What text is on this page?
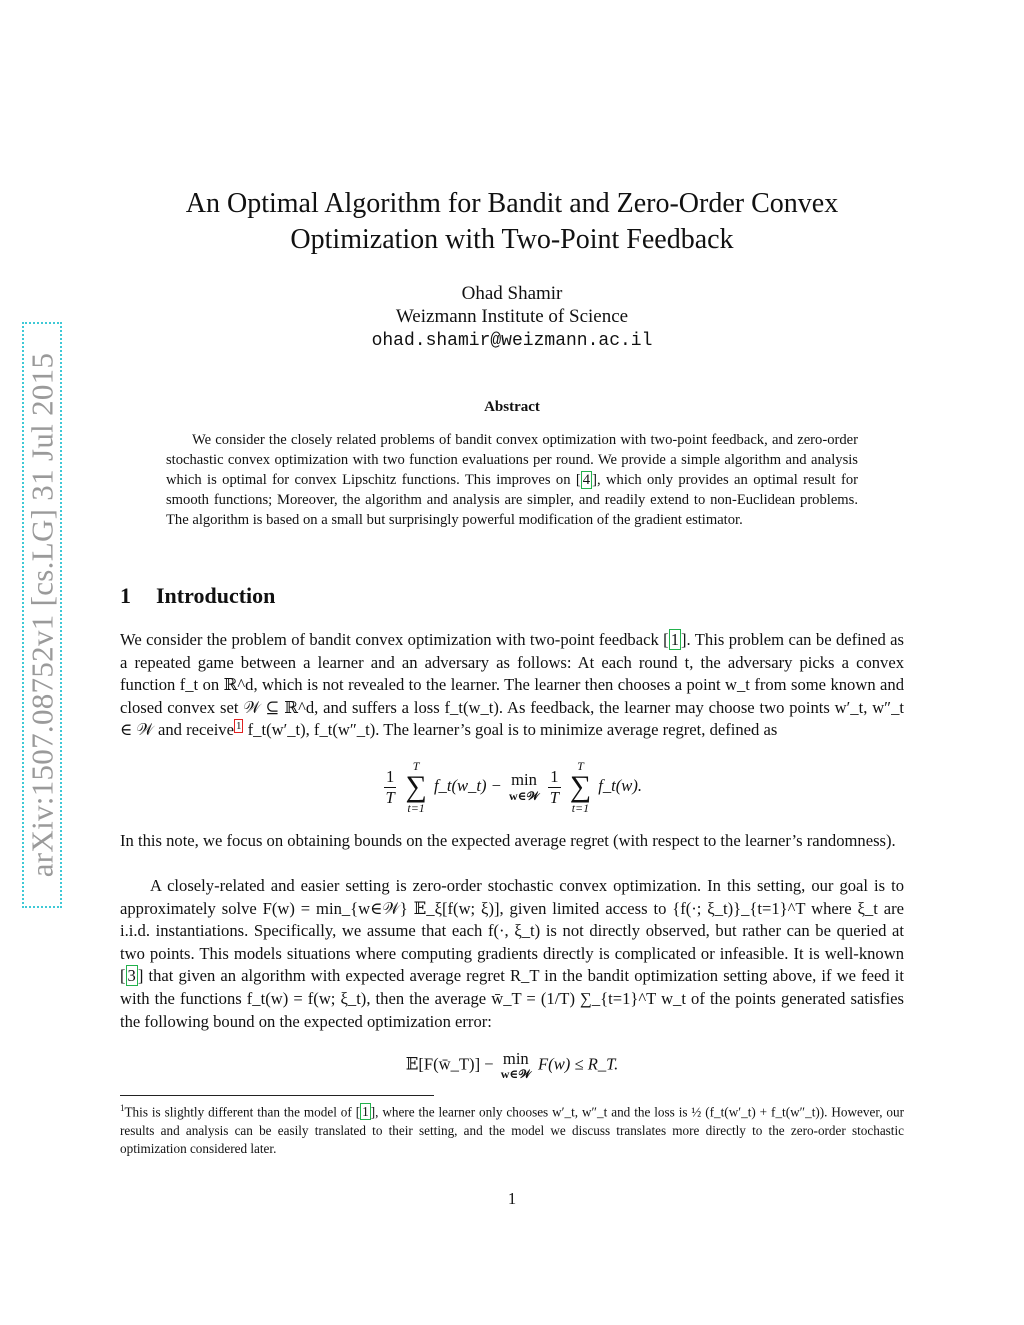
arXiv:1507.08752v1 [cs.LG] 31 Jul 2015
An Optimal Algorithm for Bandit and Zero-Order Convex
Optimization with Two-Point Feedback
Ohad Shamir
Weizmann Institute of Science
ohad.shamir@weizmann.ac.il
Abstract
We consider the closely related problems of bandit convex optimization with two-point feedback, and zero-order stochastic convex optimization with two function evaluations per round. We provide a simple algorithm and analysis which is optimal for convex Lipschitz functions. This improves on [ 4 ], which only provides an optimal result for smooth functions; Moreover, the algorithm and analysis are simpler, and readily extend to non-Euclidean problems. The algorithm is based on a small but surprisingly powerful modification of the gradient estimator.
1 Introduction
We consider the problem of bandit convex optimization with two-point feedback [ 1 ]. This problem can be defined as a repeated game between a learner and an adversary as follows: At each round t, the adversary picks a convex function f_t on ℝ^d, which is not revealed to the learner. The learner then chooses a point w_t from some known and closed convex set 𝒲 ⊆ ℝ^d, and suffers a loss f_t(w_t). As feedback, the learner may choose two points w′_t, w″_t ∈ 𝒲 and receive $^1$ f_t(w′_t), f_t(w″_t). The learner’s goal is to minimize average regret, defined as
$\frac{1}{T}$

T
∑
t=1
f_t(w_t) − min
w∈𝒲
$\frac{1}{T}$

T
∑
t=1
f_t(w).
In this note, we focus on obtaining bounds on the expected average regret (with respect to the learner’s randomness).
A closely-related and easier setting is zero-order stochastic convex optimization. In this setting, our goal is to approximately solve F(w) = min_{w∈𝒲} 𝔼_ξ[f(w; ξ)], given limited access to {f(·; ξ_t)}_{t=1}^T where ξ_t are i.i.d. instantiations. Specifically, we assume that each f(·, ξ_t) is not directly observed, but rather can be queried at two points. This models situations where computing gradients directly is complicated or infeasible. It is well-known [ 3 ] that given an algorithm with expected average regret R_T in the bandit optimization setting above, if we feed it with the functions f_t(w) = f(w; ξ_t), then the average w̄_T = (1/T) ∑_{t=1}^T w_t of the points generated satisfies the following bound on the expected optimization error:
𝔼[F(w̄_T)] − min
w∈𝒲
F(w) ≤ R_T.
$^1$This is slightly different than the model of [ 1 ], where the learner only chooses w′_t, w″_t and the loss is ½ (f_t(w′_t) + f_t(w″_t)). However, our results and analysis can be easily translated to their setting, and the model we discuss translates more directly to the zero-order stochastic optimization considered later.
1
